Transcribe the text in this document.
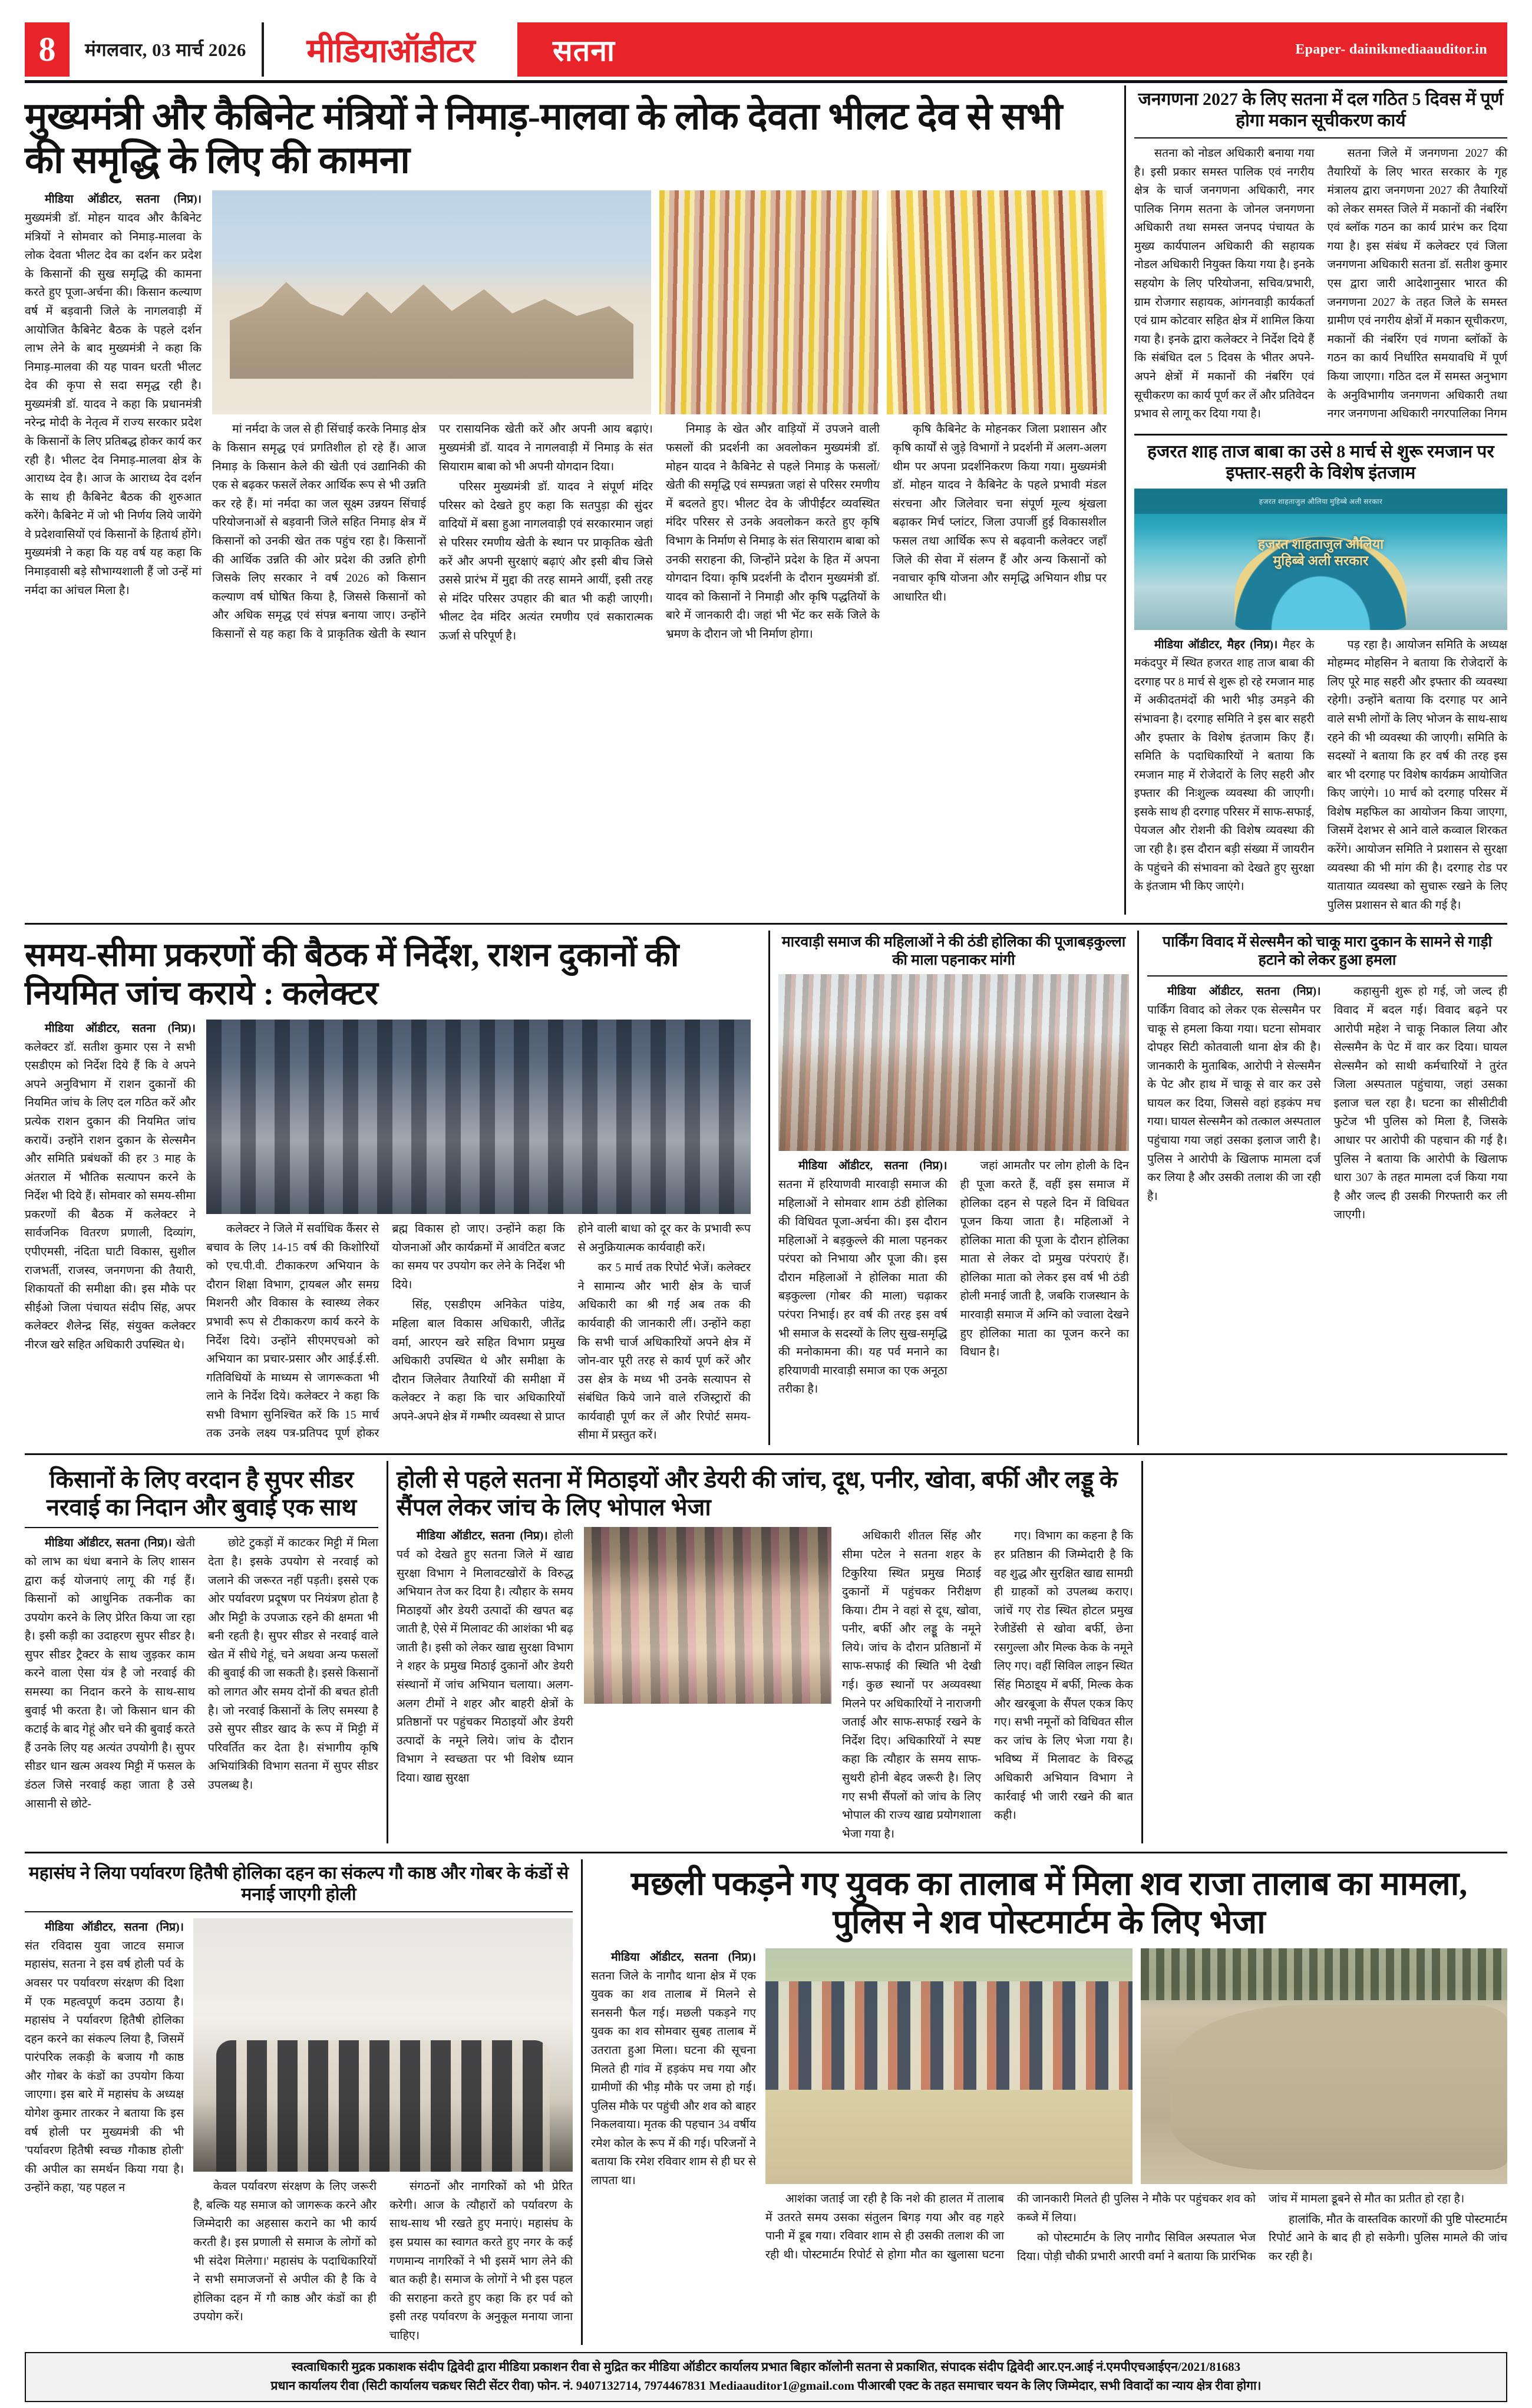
8	मंगलवार, 03 मार्च 2026	मीडियाऑडीटर	सतना	Epaper- dainikmediaauditor.in
मुख्यमंत्री और कैबिनेट मंत्रियों ने निमाड़-मालवा के लोक देवता भीलट देव से सभी की समृद्धि के लिए की कामना

मीडिया ऑडीटर, सतना (निप्र)। मुख्यमंत्री डॉ. मोहन यादव और कैबिनेट मंत्रियों ने सोमवार को निमाड़-मालवा के लोक देवता भीलट देव का दर्शन कर प्रदेश के किसानों की सुख समृद्धि की कामना करते हुए पूजा-अर्चना की। किसान कल्याण वर्ष में बड़वानी जिले के नागलवाड़ी में आयोजित कैबिनेट बैठक के पहले दर्शन लाभ लेने के बाद मुख्यमंत्री ने कहा कि निमाड़-मालवा की यह पावन धरती भीलट देव की कृपा से सदा समृद्ध रही है। मुख्यमंत्री डॉ. यादव ने कहा कि प्रधानमंत्री नरेन्द्र मोदी के नेतृत्व में राज्य सरकार प्रदेश के किसानों के लिए प्रतिबद्ध होकर कार्य कर रही है। भीलट देव निमाड़-मालवा क्षेत्र के आराध्य देव है। आज के आराध्य देव दर्शन के साथ ही कैबिनेट बैठक की शुरुआत करेंगे। कैबिनेट में जो भी निर्णय लिये जायेंगे वे प्रदेशवासियों एवं किसानों के हितार्थ होंगे। मुख्यमंत्री ने कहा कि यह वर्ष यह कहा कि निमाड़वासी बड़े सौभाग्यशाली हैं जो उन्हें मां नर्मदा का आंचल मिला है।

मां नर्मदा के जल से ही सिंचाई करके निमाड़ क्षेत्र के किसान समृद्ध एवं प्रगतिशील हो रहे हैं। आज निमाड़ के किसान केले की खेती एवं उद्यानिकी की एक से बढ़कर फसलें लेकर आर्थिक रूप से भी उन्नति कर रहे हैं। मां नर्मदा का जल सूक्ष्म उन्नयन सिंचाई परियोजनाओं से बड़वानी जिले सहित निमाड़ क्षेत्र में किसानों को उनकी खेत तक पहुंच रहा है। किसानों की आर्थिक उन्नति की ओर प्रदेश की उन्नति होगी जिसके लिए सरकार ने वर्ष 2026 को किसान कल्याण वर्ष घोषित किया है, जिससे किसानों को और अधिक समृद्ध एवं संपन्न बनाया जाए। उन्होंने किसानों से यह कहा कि वे प्राकृतिक खेती के स्थान पर रासायनिक खेती करें और अपनी आय बढ़ाएं। मुख्यमंत्री डॉ. यादव ने नागलवाड़ी में निमाड़ के संत सियाराम बाबा को भी अपनी योगदान दिया।

परिसर मुख्यमंत्री डॉ. यादव ने संपूर्ण मंदिर परिसर को देखते हुए कहा कि सतपुड़ा की सुंदर वादियों में बसा हुआ नागलवाड़ी एवं सरकारमान जहां से परिसर रमणीय खेती के स्थान पर प्राकृतिक खेती करें और अपनी सुरक्षाएं बढ़ाएं और इसी बीच जिसे उससे प्रारंभ में मुद्दा की तरह सामने आयीं, इसी तरह से मंदिर परिसर उपहार की बात भी कही जाएगी। भीलट देव मंदिर अत्यंत रमणीय एवं सकारात्मक ऊर्जा से परिपूर्ण है।

निमाड़ के खेत और वाड़ियों में उपजने वाली फसलों की प्रदर्शनी का अवलोकन मुख्यमंत्री डॉ. मोहन यादव ने कैबिनेट से पहले निमाड़ के फसलों/खेती की समृद्धि एवं सम्पन्नता जहां से परिसर रमणीय में बदलते हुए। भीलट देव के जीपीईंटर व्यवस्थित मंदिर परिसर से उनके अवलोकन करते हुए कृषि विभाग के निर्माण से निमाड़ के संत सियाराम बाबा को उनकी सराहना की, जिन्होंने प्रदेश के हित में अपना योगदान दिया। कृषि प्रदर्शनी के दौरान मुख्यमंत्री डॉ. यादव को किसानों ने निमाड़ी और कृषि पद्धतियों के बारे में जानकारी दी। जहां भी भेंट कर सकें जिले के भ्रमण के दौरान जो भी निर्माण होगा।

कृषि कैबिनेट के मोहनकर जिला प्रशासन और कृषि कार्यों से जुड़े विभागों ने प्रदर्शनी में अलग-अलग थीम पर अपना प्रदर्शनिकरण किया गया। मुख्यमंत्री डॉ. मोहन यादव ने कैबिनेट के पहले प्रभावी मंडल संरचना और जिलेवार चना संपूर्ण मूल्य श्रृंखला बढ़ाकर मिर्च प्लांटर, जिला उपार्जी हुई विकासशील फसल तथा आर्थिक रूप से बढ़वानी कलेक्टर जहाँ जिले की सेवा में संलग्न हैं और अन्य किसानों को नवाचार कृषि योजना और समृद्धि अभियान शीघ्र पर आधारित थी।

जनगणना 2027 के लिए सतना में दल गठित 5 दिवस में पूर्ण होगा मकान सूचीकरण कार्य

सतना को नोडल अधिकारी बनाया गया है। इसी प्रकार समस्त पालिक एवं नगरीय क्षेत्र के चार्ज जनगणना अधिकारी, नगर पालिक निगम सतना के जोनल जनगणना अधिकारी तथा समस्त जनपद पंचायत के मुख्य कार्यपालन अधिकारी की सहायक नोडल अधिकारी नियुक्त किया गया है। इनके सहयोग के लिए परियोजना, सचिव/प्रभारी, ग्राम रोजगार सहायक, आंगनवाड़ी कार्यकर्ता एवं ग्राम कोटवार सहित क्षेत्र में शामिल किया गया है। इनके द्वारा कलेक्टर ने निर्देश दिये हैं कि संबंधित दल 5 दिवस के भीतर अपने-अपने क्षेत्रों में मकानों की नंबरिंग एवं सूचीकरण का कार्य पूर्ण कर लें और प्रतिवेदन प्रभाव से लागू कर दिया गया है।

सतना जिले में जनगणना 2027 की तैयारियों के लिए भारत सरकार के गृह मंत्रालय द्वारा जनगणना 2027 की तैयारियों को लेकर समस्त जिले में मकानों की नंबरिंग एवं ब्लॉक गठन का कार्य प्रारंभ कर दिया गया है। इस संबंध में कलेक्टर एवं जिला जनगणना अधिकारी सतना डॉ. सतीश कुमार एस द्वारा जारी आदेशानुसार भारत की जनगणना 2027 के तहत जिले के समस्त ग्रामीण एवं नगरीय क्षेत्रों में मकान सूचीकरण, मकानों की नंबरिंग एवं गणना ब्लॉकों के गठन का कार्य निर्धारित समयावधि में पूर्ण किया जाएगा। गठित दल में समस्त अनुभाग के अनुविभागीय जनगणना अधिकारी तथा नगर जनगणना अधिकारी नगरपालिका निगम

हजरत शाह ताज बाबा का उसे 8 मार्च से शुरू रमजान पर इफ्तार-सहरी के विशेष इंतजाम
हजरत शाहताजुल औलिया मुहिब्बे अली सरकार
हजरत शाहताजुल औलिया
मुहिब्बे अली सरकार

मीडिया ऑडीटर, मैहर (निप्र)। मैहर के मकंदपुर में स्थित हजरत शाह ताज बाबा की दरगाह पर 8 मार्च से शुरू हो रहे रमजान माह में अकीदतमंदों की भारी भीड़ उमड़ने की संभावना है। दरगाह समिति ने इस बार सहरी और इफ्तार के विशेष इंतजाम किए हैं। समिति के पदाधिकारियों ने बताया कि रमजान माह में रोजेदारों के लिए सहरी और इफ्तार की निःशुल्क व्यवस्था की जाएगी। इसके साथ ही दरगाह परिसर में साफ-सफाई, पेयजल और रोशनी की विशेष व्यवस्था की जा रही है। इस दौरान बड़ी संख्या में जायरीन के पहुंचने की संभावना को देखते हुए सुरक्षा के इंतजाम भी किए जाएंगे।

पड़ रहा है। आयोजन समिति के अध्यक्ष मोहम्मद मोहसिन ने बताया कि रोजेदारों के लिए पूरे माह सहरी और इफ्तार की व्यवस्था रहेगी। उन्होंने बताया कि दरगाह पर आने वाले सभी लोगों के लिए भोजन के साथ-साथ रहने की भी व्यवस्था की जाएगी। समिति के सदस्यों ने बताया कि हर वर्ष की तरह इस बार भी दरगाह पर विशेष कार्यक्रम आयोजित किए जाएंगे। 10 मार्च को दरगाह परिसर में विशेष महफिल का आयोजन किया जाएगा, जिसमें देशभर से आने वाले कव्वाल शिरकत करेंगे। आयोजन समिति ने प्रशासन से सुरक्षा व्यवस्था की भी मांग की है। दरगाह रोड पर यातायात व्यवस्था को सुचारू रखने के लिए पुलिस प्रशासन से बात की गई है।

समय-सीमा प्रकरणों की बैठक में निर्देश, राशन दुकानों की नियमित जांच कराये : कलेक्टर

मीडिया ऑडीटर, सतना (निप्र)। कलेक्टर डॉ. सतीश कुमार एस ने सभी एसडीएम को निर्देश दिये हैं कि वे अपने अपने अनुविभाग में राशन दुकानों की नियमित जांच के लिए दल गठित करें और प्रत्येक राशन दुकान की नियमित जांच करायें। उन्होंने राशन दुकान के सेल्समैन और समिति प्रबंधकों की हर 3 माह के अंतराल में भौतिक सत्यापन करने के निर्देश भी दिये हैं। सोमवार को समय-सीमा प्रकरणों की बैठक में कलेक्टर ने सार्वजनिक वितरण प्रणाली, दिव्यांग, एपीएमसी, नंदिता घाटी विकास, सुशील राजभर्ती, राजस्व, जनगणना की तैयारी, शिकायतों की समीक्षा की। इस मौके पर सीईओ जिला पंचायत संदीप सिंह, अपर कलेक्टर शैलेन्द्र सिंह, संयुक्त कलेक्टर नीरज खरे सहित अधिकारी उपस्थित थे।

कलेक्टर ने जिले में सर्वाधिक कैंसर से बचाव के लिए 14-15 वर्ष की किशोरियों को एच.पी.वी. टीकाकरण अभियान के दौरान शिक्षा विभाग, ट्रायबल और समग्र मिशनरी और विकास के स्वास्थ्य लेकर प्रभावी रूप से टीकाकरण कार्य करने के निर्देश दिये। उन्होंने सीएमएचओ को अभियान का प्रचार-प्रसार और आई.ई.सी. गतिविधियों के माध्यम से जागरूकता भी लाने के निर्देश दिये। कलेक्टर ने कहा कि सभी विभाग सुनिश्चित करें कि 15 मार्च तक उनके लक्ष्य पत्र-प्रतिपद पूर्ण होकर ब्रह्म विकास हो जाए। उन्होंने कहा कि योजनाओं और कार्यक्रमों में आवंटित बजट का समय पर उपयोग कर लेने के निर्देश भी दिये।

सिंह, एसडीएम अनिकेत पांडेय, महिला बाल विकास अधिकारी, जीतेंद्र वर्मा, आरएन खरे सहित विभाग प्रमुख अधिकारी उपस्थित थे और समीक्षा के दौरान जिलेवार तैयारियों की समीक्षा में कलेक्टर ने कहा कि चार अधिकारियों अपने-अपने क्षेत्र में गम्भीर व्यवस्था से प्राप्त होने वाली बाधा को दूर कर के प्रभावी रूप से अनुक्रियात्मक कार्यवाही करें।

कर 5 मार्च तक रिपोर्ट भेजें। कलेक्टर ने सामान्य और भारी क्षेत्र के चार्ज अधिकारी का श्री गई अब तक की कार्यवाही की जानकारी लीं। उन्होंने कहा कि सभी चार्ज अधिकारियों अपने क्षेत्र में जोन-वार पूरी तरह से कार्य पूर्ण करें और उस क्षेत्र के मध्य भी उनके सत्यापन से संबंधित किये जाने वाले रजिस्ट्रारों की कार्यवाही पूर्ण कर लें और रिपोर्ट समय-सीमा में प्रस्तुत करें।

मारवाड़ी समाज की महिलाओं ने की ठंडी होलिका की पूजाबड़कुल्ला की माला पहनाकर मांगी

मीडिया ऑडीटर, सतना (निप्र)। सतना में हरियाणवी मारवाड़ी समाज की महिलाओं ने सोमवार शाम ठंडी होलिका की विधिवत पूजा-अर्चना की। इस दौरान महिलाओं ने बड़कुल्ले की माला पहनकर परंपरा को निभाया और पूजा की। इस दौरान महिलाओं ने होलिका माता की बड़कुल्ला (गोबर की माला) चढ़ाकर परंपरा निभाई। हर वर्ष की तरह इस वर्ष भी समाज के सदस्यों के लिए सुख-समृद्धि की मनोकामना की। यह पर्व मनाने का हरियाणवी मारवाड़ी समाज का एक अनूठा तरीका है।

जहां आमतौर पर लोग होली के दिन ही पूजा करते हैं, वहीं इस समाज में होलिका दहन से पहले दिन में विधिवत पूजन किया जाता है। महिलाओं ने होलिका माता की पूजा के दौरान होलिका माता से लेकर दो प्रमुख परंपराएं हैं। होलिका माता को लेकर इस वर्ष भी ठंडी होली मनाई जाती है, जबकि राजस्थान के मारवाड़ी समाज में अग्नि को ज्वाला देखने हुए होलिका माता का पूजन करने का विधान है।

पार्किंग विवाद में सेल्समैन को चाकू मारा दुकान के सामने से गाड़ी हटाने को लेकर हुआ हमला

मीडिया ऑडीटर, सतना (निप्र)। पार्किंग विवाद को लेकर एक सेल्समैन पर चाकू से हमला किया गया। घटना सोमवार दोपहर सिटी कोतवाली थाना क्षेत्र की है। जानकारी के मुताबिक, आरोपी ने सेल्समैन के पेट और हाथ में चाकू से वार कर उसे घायल कर दिया, जिससे वहां हड़कंप मच गया। घायल सेल्समैन को तत्काल अस्पताल पहुंचाया गया जहां उसका इलाज जारी है। पुलिस ने आरोपी के खिलाफ मामला दर्ज कर लिया है और उसकी तलाश की जा रही है।

कहासुनी शुरू हो गई, जो जल्द ही विवाद में बदल गई। विवाद बढ़ने पर आरोपी महेश ने चाकू निकाल लिया और सेल्समैन के पेट में वार कर दिया। घायल सेल्समैन को साथी कर्मचारियों ने तुरंत जिला अस्पताल पहुंचाया, जहां उसका इलाज चल रहा है। घटना का सीसीटीवी फुटेज भी पुलिस को मिला है, जिसके आधार पर आरोपी की पहचान की गई है। पुलिस ने बताया कि आरोपी के खिलाफ धारा 307 के तहत मामला दर्ज किया गया है और जल्द ही उसकी गिरफ्तारी कर ली जाएगी।

किसानों के लिए वरदान है सुपर सीडर नरवाई का निदान और बुवाई एक साथ

मीडिया ऑडीटर, सतना (निप्र)। खेती को लाभ का धंधा बनाने के लिए शासन द्वारा कई योजनाएं लागू की गई हैं। किसानों को आधुनिक तकनीक का उपयोग करने के लिए प्रेरित किया जा रहा है। इसी कड़ी का उदाहरण सुपर सीडर है। सुपर सीडर ट्रैक्टर के साथ जुड़कर काम करने वाला ऐसा यंत्र है जो नरवाई की समस्या का निदान करने के साथ-साथ बुवाई भी करता है। जो किसान धान की कटाई के बाद गेहूं और चने की बुवाई करते हैं उनके लिए यह अत्यंत उपयोगी है। सुपर सीडर धान खत्म अवश्य मिट्टी में फसल के डंठल जिसे नरवाई कहा जाता है उसे आसानी से छोटे-

छोटे टुकड़ों में काटकर मिट्टी में मिला देता है। इसके उपयोग से नरवाई को जलाने की जरूरत नहीं पड़ती। इससे एक ओर पर्यावरण प्रदूषण पर नियंत्रण होता है और मिट्टी के उपजाऊ रहने की क्षमता भी बनी रहती है। सुपर सीडर से नरवाई वाले खेत में सीधे गेहूं, चने अथवा अन्य फसलों की बुवाई की जा सकती है। इससे किसानों को लागत और समय दोनों की बचत होती है। जो नरवाई किसानों के लिए समस्या है उसे सुपर सीडर खाद के रूप में मिट्टी में परिवर्तित कर देता है। संभागीय कृषि अभियांत्रिकी विभाग सतना में सुपर सीडर उपलब्ध है।

होली से पहले सतना में मिठाइयों और डेयरी की जांच, दूध, पनीर, खोवा, बर्फी और लड्डू के सैंपल लेकर जांच के लिए भोपाल भेजा

मीडिया ऑडीटर, सतना (निप्र)। होली पर्व को देखते हुए सतना जिले में खाद्य सुरक्षा विभाग ने मिलावटखोरों के विरुद्ध अभियान तेज कर दिया है। त्यौहार के समय मिठाइयों और डेयरी उत्पादों की खपत बढ़ जाती है, ऐसे में मिलावट की आशंका भी बढ़ जाती है। इसी को लेकर खाद्य सुरक्षा विभाग ने शहर के प्रमुख मिठाई दुकानों और डेयरी संस्थानों में जांच अभियान चलाया। अलग-अलग टीमों ने शहर और बाहरी क्षेत्रों के प्रतिष्ठानों पर पहुंचकर मिठाइयों और डेयरी उत्पादों के नमूने लिये। जांच के दौरान विभाग ने स्वच्छता पर भी विशेष ध्यान दिया। खाद्य सुरक्षा

अधिकारी शीतल सिंह और सीमा पटेल ने सतना शहर के टिकुरिया स्थित प्रमुख मिठाई दुकानों में पहुंचकर निरीक्षण किया। टीम ने वहां से दूध, खोवा, पनीर, बर्फी और लड्डू के नमूने लिये। जांच के दौरान प्रतिष्ठानों में साफ-सफाई की स्थिति भी देखी गई। कुछ स्थानों पर अव्यवस्था मिलने पर अधिकारियों ने नाराजगी जताई और साफ-सफाई रखने के निर्देश दिए। अधिकारियों ने स्पष्ट कहा कि त्यौहार के समय साफ-सुथरी होनी बेहद जरूरी है। लिए गए सभी सैंपलों को जांच के लिए भोपाल की राज्य खाद्य प्रयोगशाला भेजा गया है।

गए। विभाग का कहना है कि हर प्रतिष्ठान की जिम्मेदारी है कि वह शुद्ध और सुरक्षित खाद्य सामग्री ही ग्राहकों को उपलब्ध कराए। जांचें गए रोड स्थित होटल प्रमुख रेजीडेंसी से खोवा बर्फी, छेना रसगुल्ला और मिल्क केक के नमूने लिए गए। वहीं सिविल लाइन स्थित सिंह मिठाइ्य में बर्फी, मिल्क केक और खरबूजा के सैंपल एकत्र किए गए। सभी नमूनों को विधिवत सील कर जांच के लिए भेजा गया है। भविष्य में मिलावट के विरुद्ध अधिकारी अभियान विभाग ने कार्रवाई भी जारी रखने की बात कही।

महासंघ ने लिया पर्यावरण हितैषी होलिका दहन का संकल्प गौ काष्ठ और गोबर के कंडों से मनाई जाएगी होली

मीडिया ऑडीटर, सतना (निप्र)। संत रविदास युवा जाटव समाज महासंघ, सतना ने इस वर्ष होली पर्व के अवसर पर पर्यावरण संरक्षण की दिशा में एक महत्वपूर्ण कदम उठाया है। महासंघ ने पर्यावरण हितैषी होलिका दहन करने का संकल्प लिया है, जिसमें पारंपरिक लकड़ी के बजाय गौ काष्ठ और गोबर के कंडों का उपयोग किया जाएगा। इस बारे में महासंघ के अध्यक्ष योगेश कुमार तारकर ने बताया कि इस वर्ष होली पर मुख्यमंत्री की भी 'पर्यावरण हितैषी स्वच्छ गौकाष्ठ होली' की अपील का समर्थन किया गया है। उन्होंने कहा, 'यह पहल न	केवल पर्यावरण संरक्षण के लिए जरूरी है, बल्कि यह समाज को जागरूक करने और जिम्मेदारी का अहसास कराने का भी कार्य करती है। इस प्रणाली से समाज के लोगों को भी संदेश मिलेगा।' महासंघ के पदाधिकारियों ने सभी समाजजनों से अपील की है कि वे होलिका दहन में गौ काष्ठ और कंडों का ही उपयोग करें।

संगठनों और नागरिकों को भी प्रेरित करेगी। आज के त्यौहारों को पर्यावरण के साथ-साथ भी रखते हुए मनाएं। महासंघ के इस प्रयास का स्वागत करते हुए नगर के कई गणमान्य नागरिकों ने भी इसमें भाग लेने की बात कही है। समाज के लोगों ने भी इस पहल की सराहना करते हुए कहा कि हर पर्व को इसी तरह पर्यावरण के अनुकूल मनाया जाना चाहिए।

मछली पकड़ने गए युवक का तालाब में मिला शव राजा तालाब का मामला, पुलिस ने शव पोस्टमार्टम के लिए भेजा

मीडिया ऑडीटर, सतना (निप्र)। सतना जिले के नागौद थाना क्षेत्र में एक युवक का शव तालाब में मिलने से सनसनी फैल गई। मछली पकड़ने गए युवक का शव सोमवार सुबह तालाब में उतराता हुआ मिला। घटना की सूचना मिलते ही गांव में हड़कंप मच गया और ग्रामीणों की भीड़ मौके पर जमा हो गई। पुलिस मौके पर पहुंची और शव को बाहर निकलवाया। मृतक की पहचान 34 वर्षीय रमेश कोल के रूप में की गई। परिजनों ने बताया कि रमेश रविवार शाम से ही घर से लापता था।

आशंका जताई जा रही है कि नशे की हालत में तालाब में उतरते समय उसका संतुलन बिगड़ गया और वह गहरे पानी में डूब गया। रविवार शाम से ही उसकी तलाश की जा रही थी। पोस्टमार्टम रिपोर्ट से होगा मौत का खुलासा घटना की जानकारी मिलते ही पुलिस ने मौके पर पहुंचकर शव को कब्जे में लिया।

को पोस्टमार्टम के लिए नागौद सिविल अस्पताल भेज दिया। पोड़ी चौकी प्रभारी आरपी वर्मा ने बताया कि प्रारंभिक जांच में मामला डूबने से मौत का प्रतीत हो रहा है।

हालांकि, मौत के वास्तविक कारणों की पुष्टि पोस्टमार्टम रिपोर्ट आने के बाद ही हो सकेगी। पुलिस मामले की जांच कर रही है।

स्वत्वाधिकारी मुद्रक प्रकाशक संदीप द्विवेदी द्वारा मीडिया प्रकाशन रीवा से मुद्रित कर मीडिया ऑडीटर कार्यालय प्रभात बिहार कॉलोनी सतना से प्रकाशित, संपादक संदीप द्विवेदी आर.एन.आई नं.एमपीएचआईएन/2021/81683
प्रधान कार्यालय रीवा (सिटी कार्यालय चक्रधर सिटी सेंटर रीवा) फोन. नं. 9407132714, 7974467831 Mediaauditor1@gmail.com पीआरबी एक्ट के तहत समाचार चयन के लिए जिम्मेदार, सभी विवादों का न्याय क्षेत्र रीवा होगा।
